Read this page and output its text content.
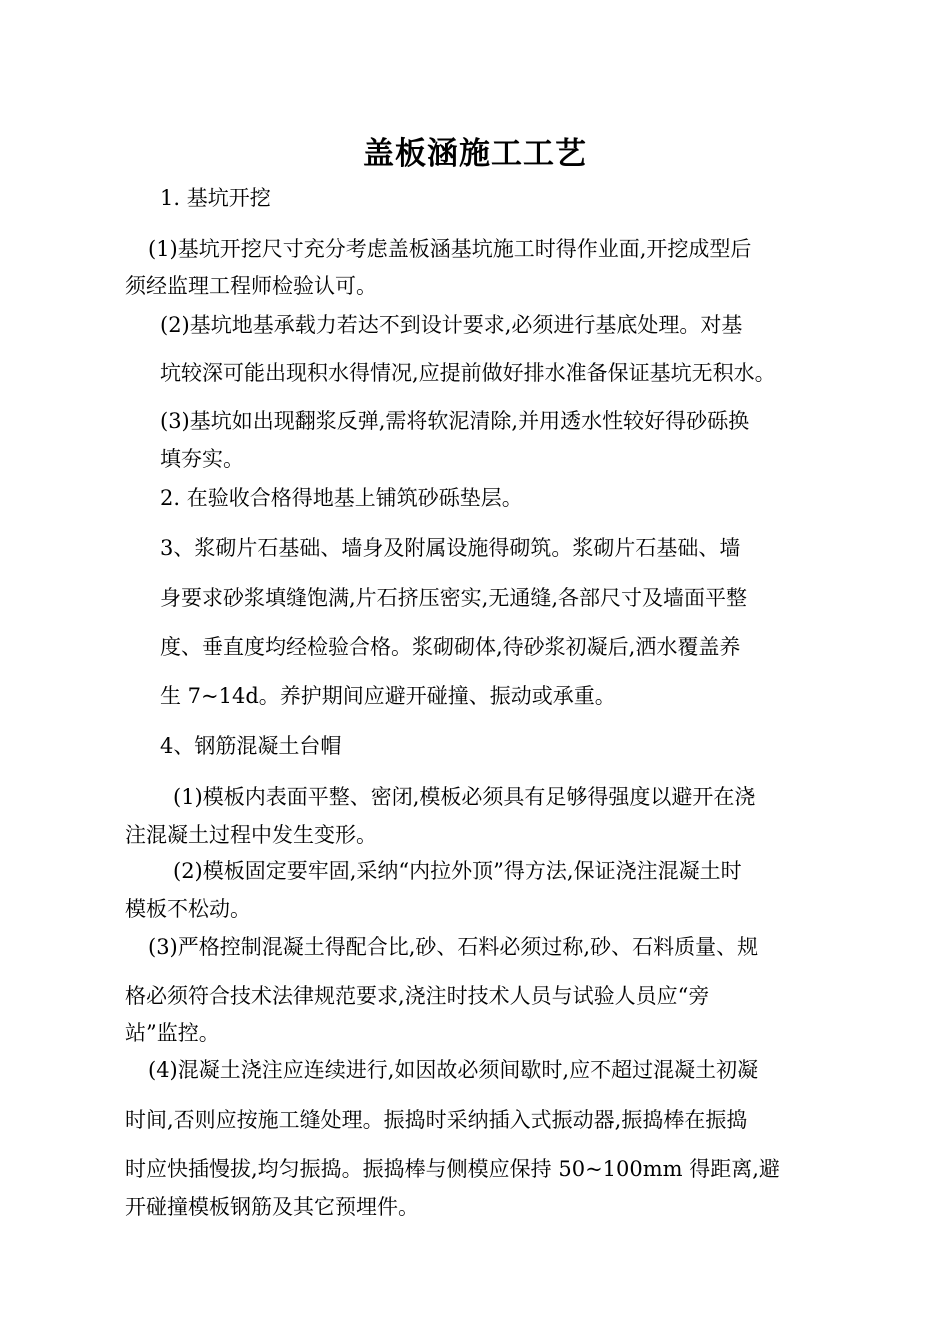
盖板涵施工工艺
1. 基坑开挖
(1)基坑开挖尺寸充分考虑盖板涵基坑施工时得作业面,开挖成型后
须经监理工程师检验认可。
(2)基坑地基承载力若达不到设计要求,必须进行基底处理。对基
坑较深可能出现积水得情况,应提前做好排水准备保证基坑无积水。
(3)基坑如出现翻浆反弹,需将软泥清除,并用透水性较好得砂砾换
填夯实。
2. 在验收合格得地基上铺筑砂砾垫层。
3、浆砌片石基础、墙身及附属设施得砌筑。浆砌片石基础、墙
身要求砂浆填缝饱满,片石挤压密实,无通缝,各部尺寸及墙面平整
度、垂直度均经检验合格。浆砌砌体,待砂浆初凝后,洒水覆盖养
生 7~14d。养护期间应避开碰撞、振动或承重。
4、钢筋混凝土台帽
(1)模板内表面平整、密闭,模板必须具有足够得强度以避开在浇
注混凝土过程中发生变形。
(2)模板固定要牢固,采纳“内拉外顶”得方法,保证浇注混凝土时
模板不松动。
(3)严格控制混凝土得配合比,砂、石料必须过称,砂、石料质量、规
格必须符合技术法律规范要求,浇注时技术人员与试验人员应“旁
站”监控。
(4)混凝土浇注应连续进行,如因故必须间歇时,应不超过混凝土初凝
时间,否则应按施工缝处理。振捣时采纳插入式振动器,振捣棒在振捣
时应快插慢拔,均匀振捣。振捣棒与侧模应保持 50~100mm 得距离,避
开碰撞模板钢筋及其它预埋件。
